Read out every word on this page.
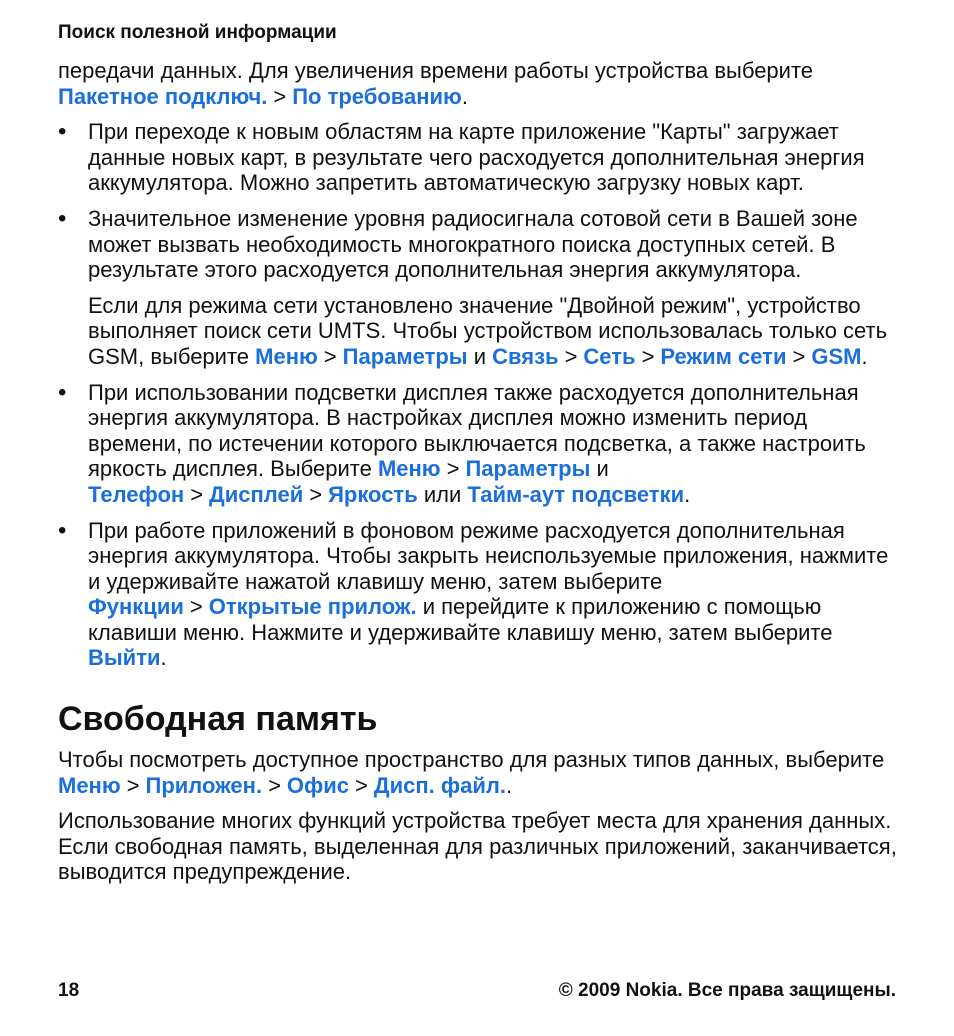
Поиск полезной информации

передачи данных. Для увеличения времени работы устройства выберите Пакетное подключ. > По требованию.

• При переходе к новым областям на карте приложение "Карты" загружает данные новых карт, в результате чего расходуется дополнительная энергия аккумулятора. Можно запретить автоматическую загрузку новых карт.
• Значительное изменение уровня радиосигнала сотовой сети в Вашей зоне может вызвать необходимость многократного поиска доступных сетей. В результате этого расходуется дополнительная энергия аккумулятора.
Если для режима сети установлено значение "Двойной режим", устройство выполняет поиск сети UMTS. Чтобы устройством использовалась только сеть GSM, выберите Меню > Параметры и Связь > Сеть > Режим сети > GSM.
• При использовании подсветки дисплея также расходуется дополнительная энергия аккумулятора. В настройках дисплея можно изменить период времени, по истечении которого выключается подсветка, а также настроить яркость дисплея. Выберите Меню > Параметры и Телефон > Дисплей > Яркость или Тайм-аут подсветки.
• При работе приложений в фоновом режиме расходуется дополнительная энергия аккумулятора. Чтобы закрыть неиспользуемые приложения, нажмите и удерживайте нажатой клавишу меню, затем выберите Функции > Открытые прилож. и перейдите к приложению с помощью клавиши меню. Нажмите и удерживайте клавишу меню, затем выберите Выйти.
Свободная память

Чтобы посмотреть доступное пространство для разных типов данных, выберите Меню > Приложен. > Офис > Дисп. файл..

Использование многих функций устройства требует места для хранения данных. Если свободная память, выделенная для различных приложений, заканчивается, выводится предупреждение.

18	© 2009 Nokia. Все права защищены.
